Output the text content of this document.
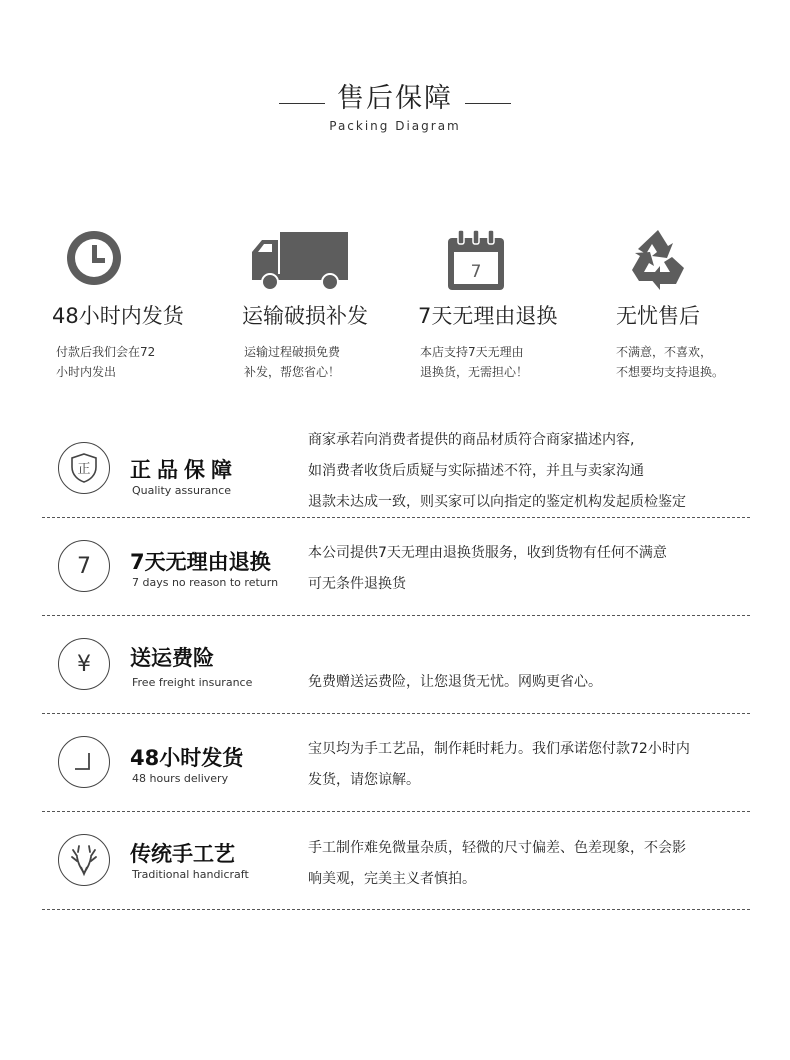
售后保障
Packing Diagram
48小时内发货
付款后我们会在72
小时内发出
运输破损补发
运输过程破损免费
补发，帮您省心！
7
7天无理由退换
本店支持7天无理由
退换货，无需担心！
无忧售后
不满意，不喜欢，
不想要均支持退换。
正 正品保障
Quality assurance
商家承若向消费者提供的商品材质符合商家描述内容,
如消费者收货后质疑与实际描述不符，并且与卖家沟通
退款未达成一致，则买家可以向指定的鉴定机构发起质检鉴定
7 7天无理由退换
7 days no reason to return
本公司提供7天无理由退换货服务，收到货物有任何不满意
可无条件退换货
¥ 送运费险
Free freight insurance	免费赠送运费险，让您退货无忧。网购更省心。
48小时发货
48 hours delivery
宝贝均为手工艺品，制作耗时耗力。我们承诺您付款72小时内
发货，请您谅解。
传统手工艺
Traditional handicraft
手工制作难免微量杂质，轻微的尺寸偏差、色差现象，不会影
响美观，完美主义者慎拍。
